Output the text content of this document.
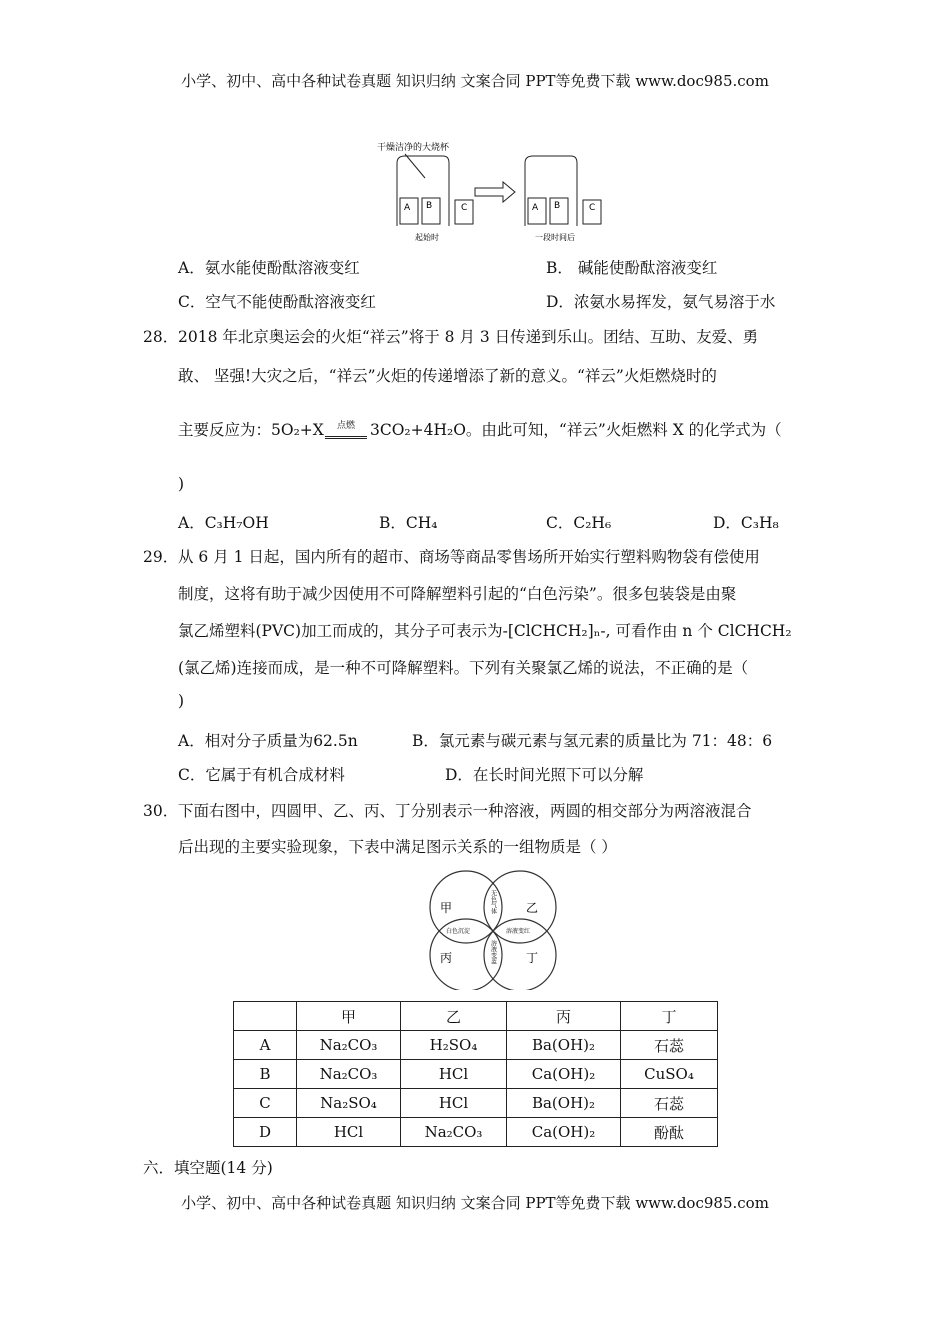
小学、初中、高中各种试卷真题 知识归纳 文案合同 PPT等免费下载 www.doc985.com
干燥洁净的大烧杯
A B	C
起始时
A B	C
一段时间后
A．氨水能使酚酞溶液变红	B． 碱能使酚酞溶液变红
C．空气不能使酚酞溶液变红	D．浓氨水易挥发，氨气易溶于水
28． 2018 年北京奥运会的火炬“祥云”将于 8 月 3 日传递到乐山。团结、互助、友爱、勇
敢、 坚强!大灾之后，“祥云”火炬的传递增添了新的意义。“祥云”火炬燃烧时的
主要反应为：5O₂+X	点燃 3CO₂+4H₂O。由此可知，“祥云”火炬燃料 X 的化学式为（
)
A．C₃H₇OH	B．CH₄	C．C₂H₆	D．C₃H₈
29． 从 6 月 1 日起，国内所有的超市、商场等商品零售场所开始实行塑料购物袋有偿使用
制度，这将有助于减少因使用不可降解塑料引起的“白色污染”。很多包装袋是由聚
氯乙烯塑料(PVC)加工而成的，其分子可表示为-[ClCHCH₂]ₙ-, 可看作由 n 个 ClCHCH₂
(氯乙烯)连接而成，是一种不可降解塑料。下列有关聚氯乙烯的说法，不正确的是（
)
A．相对分子质量为62.5n	B．氯元素与碳元素与氢元素的质量比为 71：48：6
C．它属于有机合成材料	D．在长时间光照下可以分解
30． 下面右图中，四圆甲、乙、丙、丁分别表示一种溶液，两圆的相交部分为两溶液混合
后出现的主要实验现象，下表中满足图示关系的一组物质是（ ）
甲	乙
丙	丁
无色气体
白色沉淀	溶液变红
溶液变蓝
	甲	乙	丙	丁
A	Na₂CO₃	H₂SO₄	Ba(OH)₂	石蕊
B	Na₂CO₃	HCl	Ca(OH)₂	CuSO₄
C	Na₂SO₄	HCl	Ba(OH)₂	石蕊
D	HCl	Na₂CO₃	Ca(OH)₂	酚酞
六．填空题(14 分)
小学、初中、高中各种试卷真题 知识归纳 文案合同 PPT等免费下载 www.doc985.com
